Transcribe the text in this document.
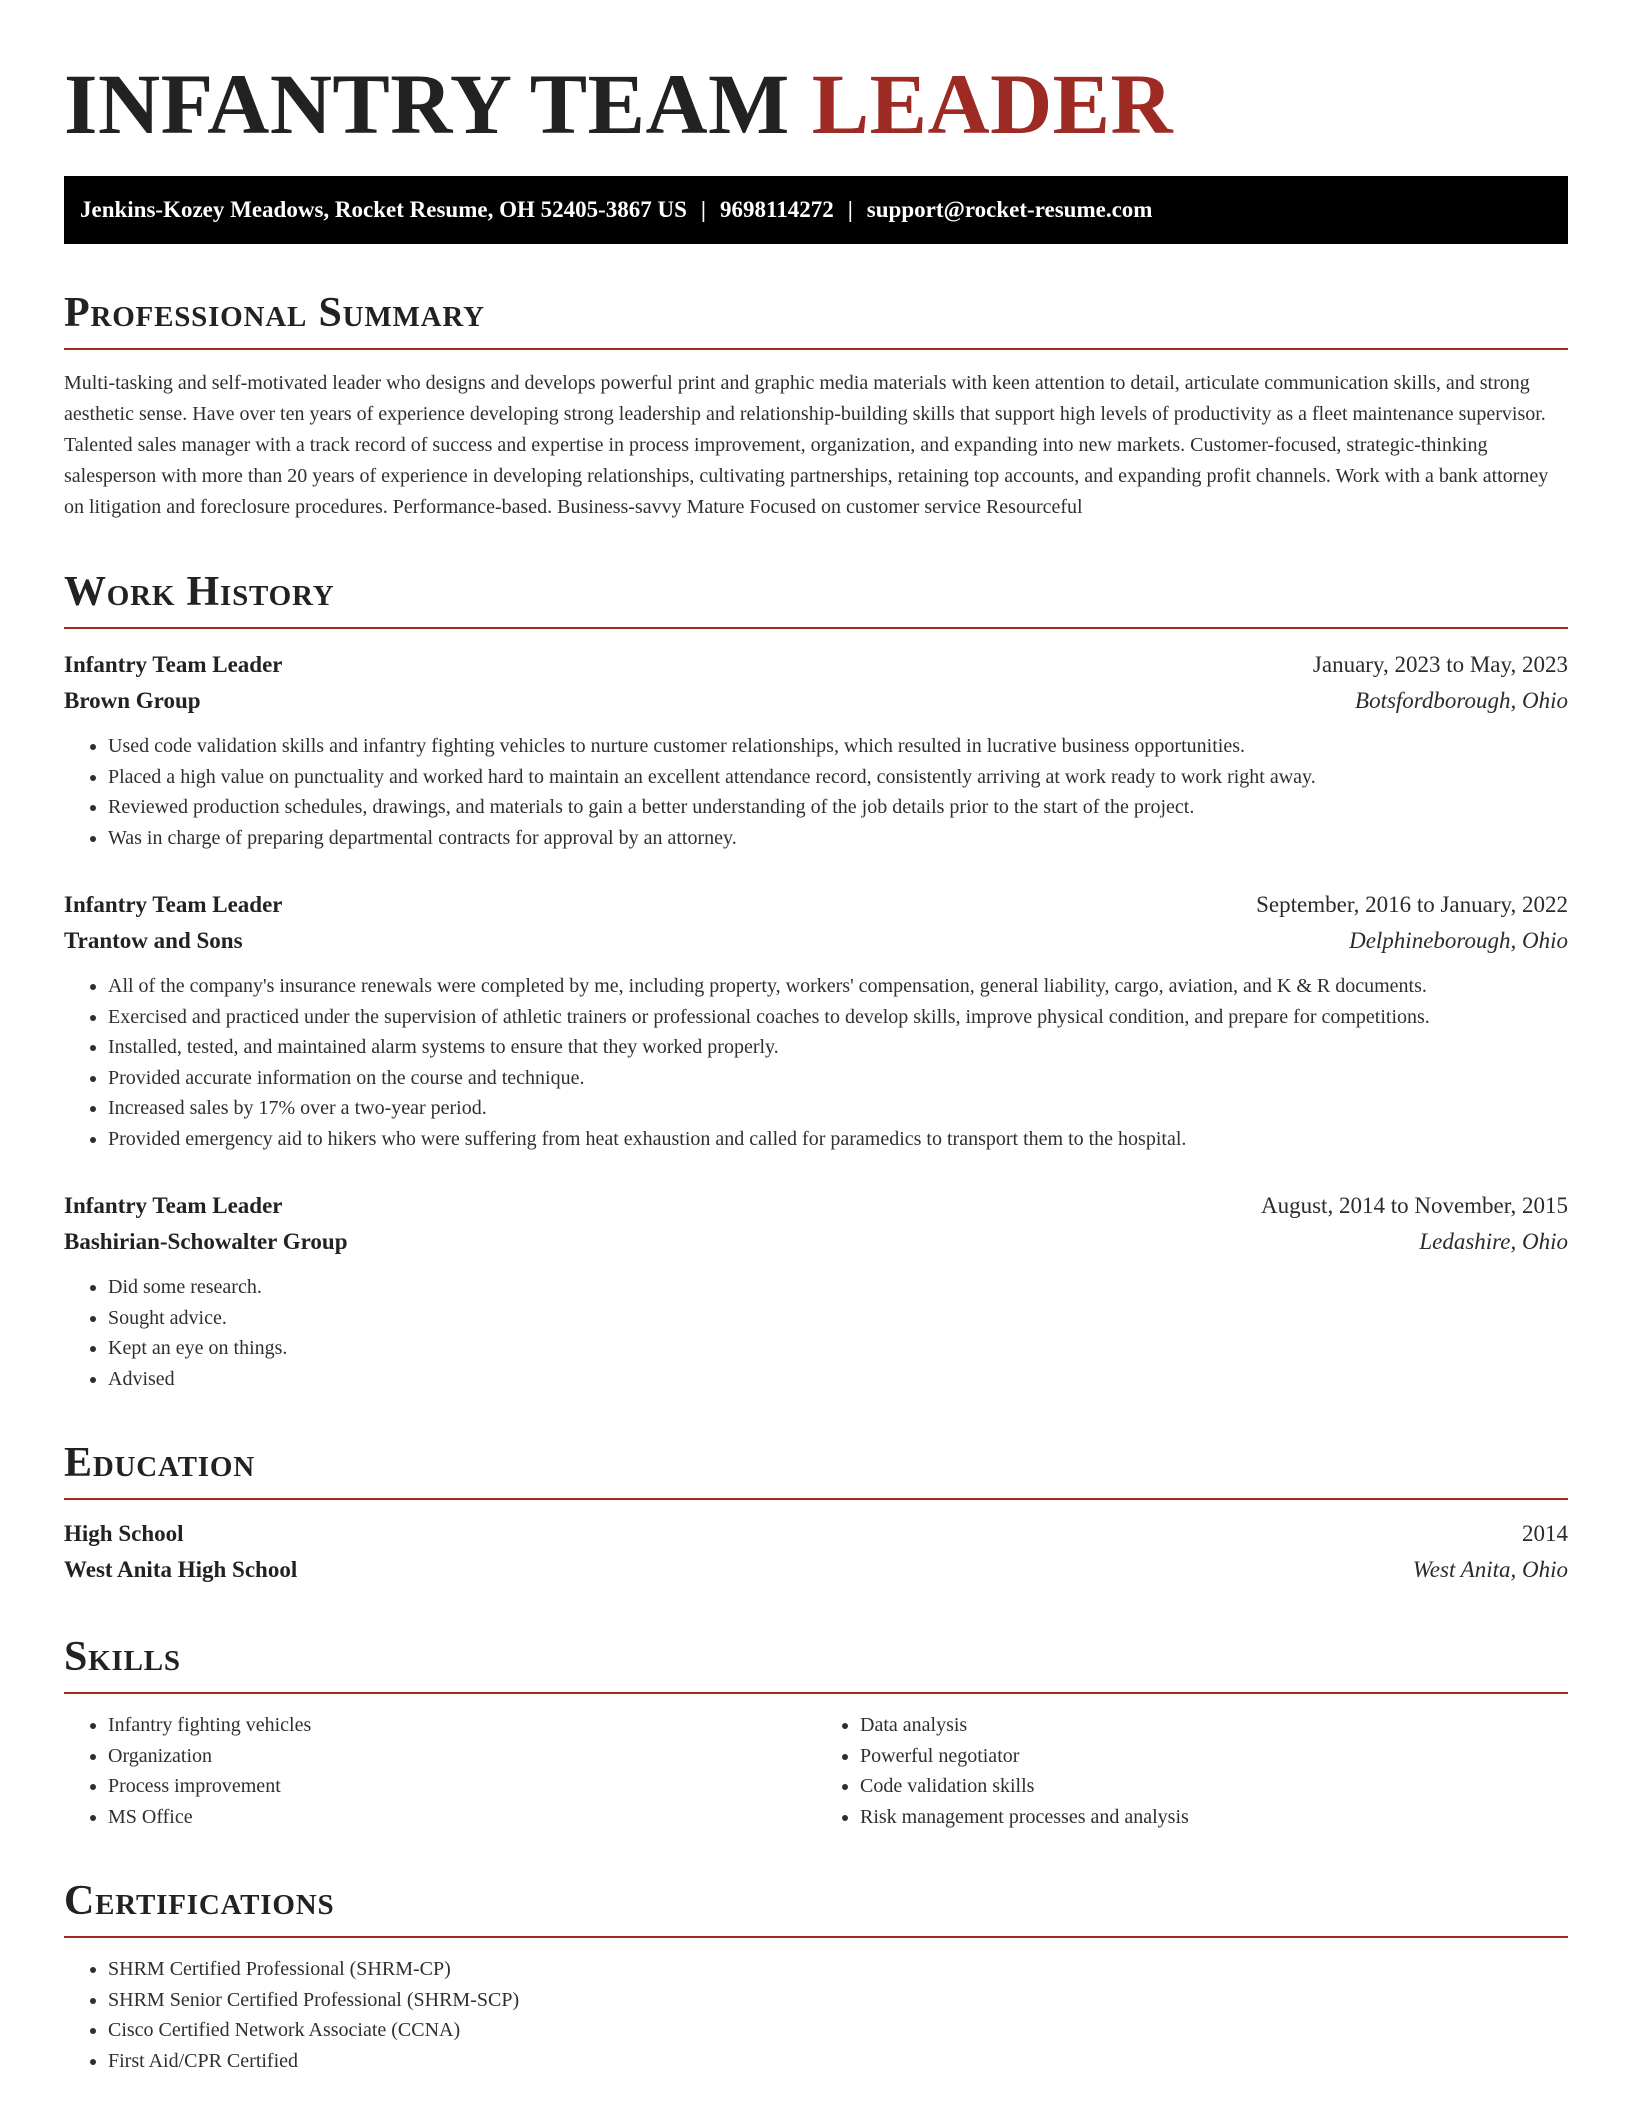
INFANTRY TEAM LEADER
Jenkins-Kozey Meadows, Rocket Resume, OH 52405-3867 US | 9698114272 | support@rocket-resume.com
Professional Summary

Multi-tasking and self-motivated leader who designs and develops powerful print and graphic media materials with keen attention to detail, articulate communication skills, and strong aesthetic sense. Have over ten years of experience developing strong leadership and relationship-building skills that support high levels of productivity as a fleet maintenance supervisor. Talented sales manager with a track record of success and expertise in process improvement, organization, and expanding into new markets. Customer-focused, strategic-thinking salesperson with more than 20 years of experience in developing relationships, cultivating partnerships, retaining top accounts, and expanding profit channels. Work with a bank attorney on litigation and foreclosure procedures. Performance-based. Business-savvy Mature Focused on customer service Resourceful

Work History
Infantry Team Leader	January, 2023 to May, 2023
Brown Group	Botsfordborough, Ohio
• Used code validation skills and infantry fighting vehicles to nurture customer relationships, which resulted in lucrative business opportunities.
• Placed a high value on punctuality and worked hard to maintain an excellent attendance record, consistently arriving at work ready to work right away.
• Reviewed production schedules, drawings, and materials to gain a better understanding of the job details prior to the start of the project.
• Was in charge of preparing departmental contracts for approval by an attorney.
Infantry Team Leader	September, 2016 to January, 2022
Trantow and Sons	Delphineborough, Ohio
• All of the company's insurance renewals were completed by me, including property, workers' compensation, general liability, cargo, aviation, and K & R documents.
• Exercised and practiced under the supervision of athletic trainers or professional coaches to develop skills, improve physical condition, and prepare for competitions.
• Installed, tested, and maintained alarm systems to ensure that they worked properly.
• Provided accurate information on the course and technique.
• Increased sales by 17% over a two-year period.
• Provided emergency aid to hikers who were suffering from heat exhaustion and called for paramedics to transport them to the hospital.
Infantry Team Leader	August, 2014 to November, 2015
Bashirian-Schowalter Group	Ledashire, Ohio
• Did some research.
• Sought advice.
• Kept an eye on things.
• Advised
Education
High School	2014
West Anita High School	West Anita, Ohio
Skills
• Infantry fighting vehicles
• Organization
• Process improvement
• MS Office
• Data analysis
• Powerful negotiator
• Code validation skills
• Risk management processes and analysis
Certifications
• SHRM Certified Professional (SHRM-CP)
• SHRM Senior Certified Professional (SHRM-SCP)
• Cisco Certified Network Associate (CCNA)
• First Aid/CPR Certified
